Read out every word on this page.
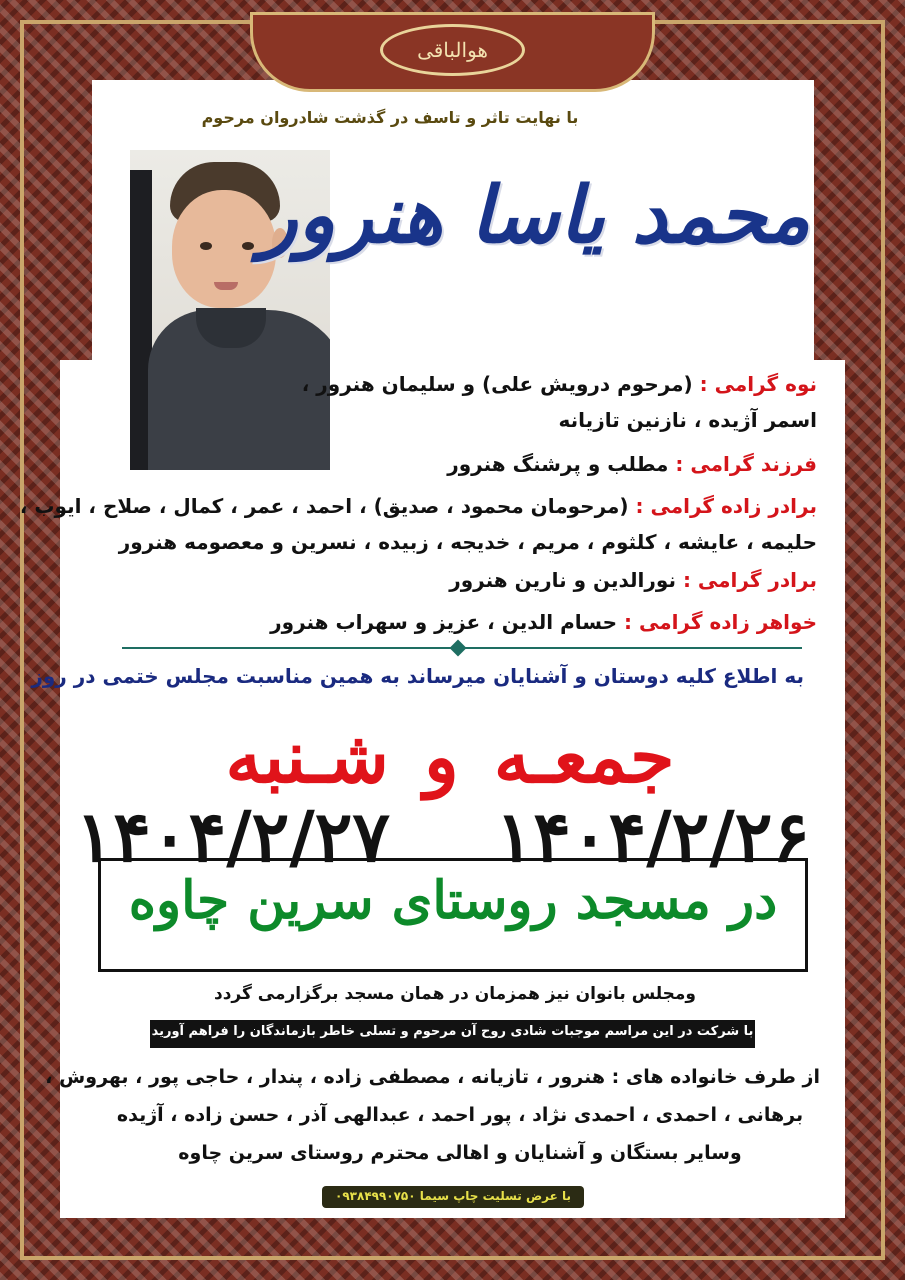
هوالباقی
با نهایت تاثر و تاسف در گذشت شادروان مرحوم
محمد یاسا هنرور
نوه گرامی : (مرحوم درویش علی) و سلیمان هنرور ،
اسمر آژیده ، نازنین تازیانه
فرزند گرامی : مطلب و پرشنگ هنرور
برادر زاده گرامی : (مرحومان محمود ، صدیق) ، احمد ، عمر ، کمال ، صلاح ، ایوب ،
حلیمه ، عایشه ، کلثوم ، مریم ، خدیجه ، زبیده ، نسرین و معصومه هنرور
برادر گرامی : نورالدین و نارین هنرور
خواهر زاده گرامی : حسام الدین ، عزیز و سهراب هنرور
به اطلاع کلیه دوستان و آشنایان میرساند به همین مناسبت مجلس ختمی در روز
جمعـه و شـنبه
۱۴۰۴/۲/۲۶
۱۴۰۴/۲/۲۷
در مسجد روستای سرین چاوه
ومجلس بانوان نیز همزمان در همان مسجد برگزارمی گردد
با شرکت در این مراسم موجبات شادی روح آن مرحوم و تسلی خاطر بازماندگان را فراهم آورید
از طرف خانواده های : هنرور ، تازیانه ، مصطفی زاده ، پندار ، حاجی پور ، بهروش ،
برهانی ، احمدی ، احمدی نژاد ، پور احمد ، عبدالهی آذر ، حسن زاده ، آژیده
وسایر بستگان و آشنایان و اهالی محترم روستای سرین چاوه
با عرض تسلیت چاپ سیما ۰۹۳۸۴۹۹۰۷۵۰
